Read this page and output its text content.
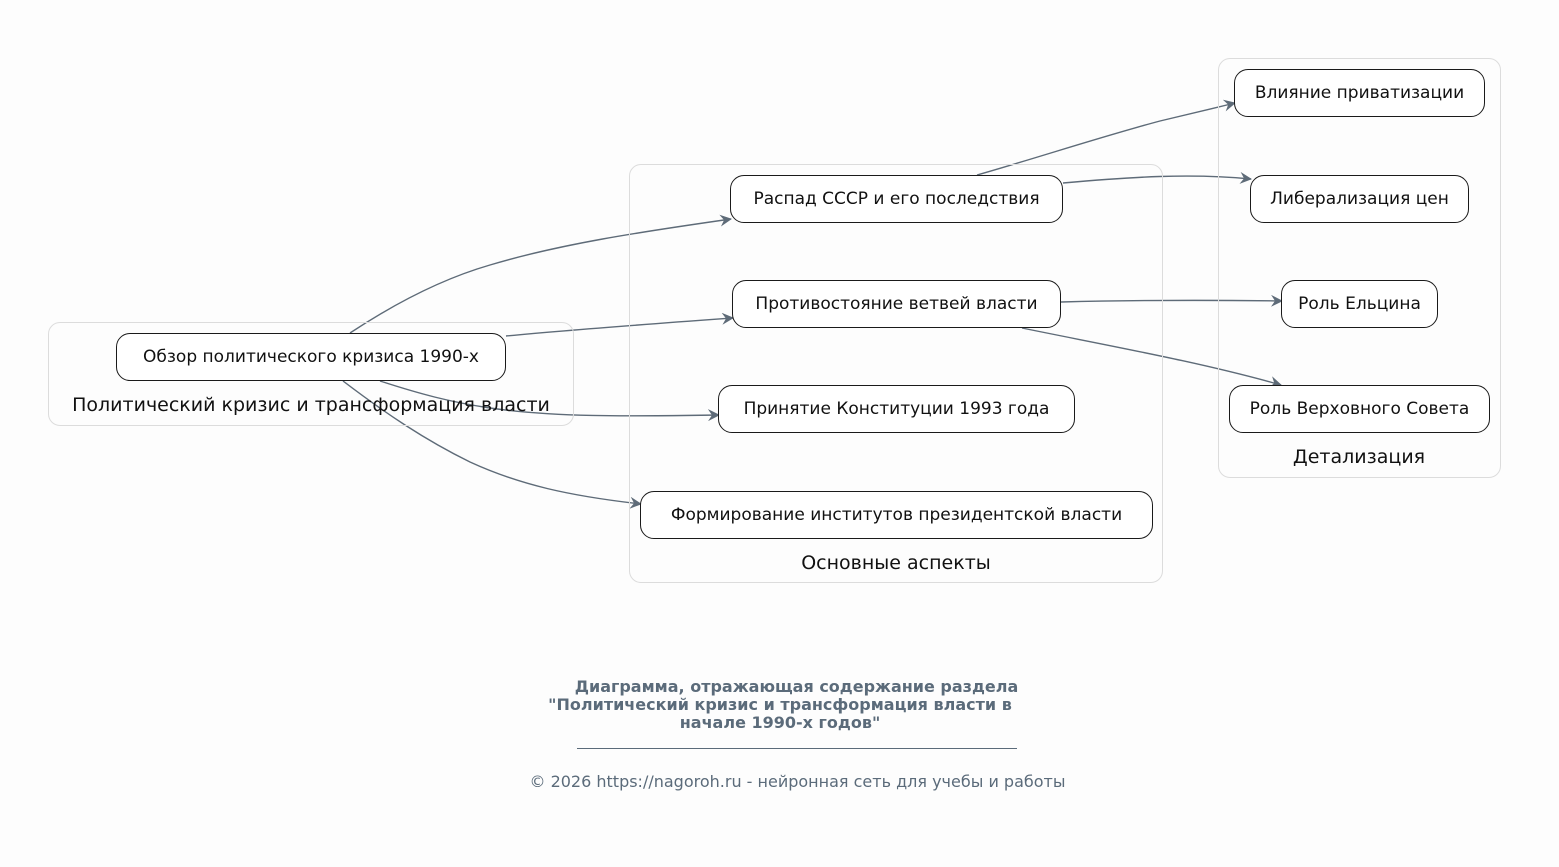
Политический кризис и трансформация власти
Основные аспекты
Детализация
Обзор политического кризиса 1990-х
Распад СССР и его последствия
Противостояние ветвей власти
Принятие Конституции 1993 года
Формирование институтов президентской власти
Влияние приватизации
Либерализация цен
Роль Ельцина
Роль Верховного Совета
Диаграмма, отражающая содержание раздела
"Политический кризис и трансформация власти в
начале 1990-х годов"
© 2026 https://nagoroh.ru - нейронная сеть для учебы и работы
